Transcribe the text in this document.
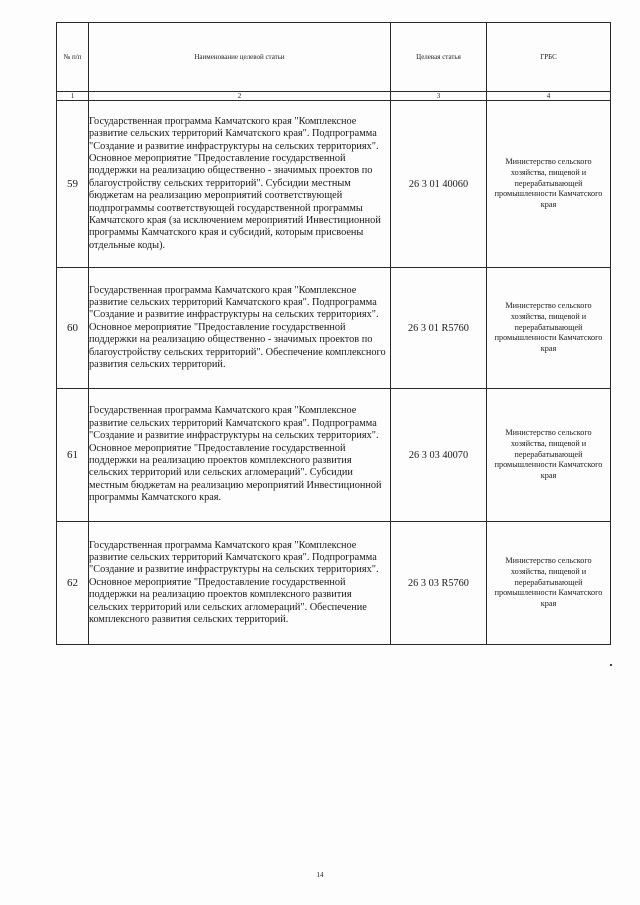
№ п/п	Наименование целевой статьи	Целевая статья	ГРБС
1	2	3	4
59	Государственная программа Камчатского края "Комплексное развитие сельских территорий Камчатского края". Подпрограмма "Создание и развитие инфраструктуры на сельских территориях". Основное мероприятие "Предоставление государственной поддержки на реализацию общественно - значимых проектов по благоустройству сельских территорий". Субсидии местным бюджетам на реализацию мероприятий соответствующей подпрограммы соответствующей государственной программы Камчатского края (за исключением мероприятий Инвестиционной программы Камчатского края и субсидий, которым присвоены отдельные коды).	26 3 01 40060	Министерство сельского хозяйства, пищевой и перерабатывающей промышленности Камчатского края
60	Государственная программа Камчатского края "Комплексное развитие сельских территорий Камчатского края". Подпрограмма "Создание и развитие инфраструктуры на сельских территориях". Основное мероприятие "Предоставление государственной поддержки на реализацию общественно - значимых проектов по благоустройству сельских территорий". Обеспечение комплексного развития сельских территорий.	26 3 01 R5760	Министерство сельского хозяйства, пищевой и перерабатывающей промышленности Камчатского края
61	Государственная программа Камчатского края "Комплексное развитие сельских территорий Камчатского края". Подпрограмма "Создание и развитие инфраструктуры на сельских территориях". Основное мероприятие "Предоставление государственной поддержки на реализацию проектов комплексного развития сельских территорий или сельских агломераций". Субсидии местным бюджетам на реализацию мероприятий Инвестиционной программы Камчатского края.	26 3 03 40070	Министерство сельского хозяйства, пищевой и перерабатывающей промышленности Камчатского края
62	Государственная программа Камчатского края "Комплексное развитие сельских территорий Камчатского края". Подпрограмма "Создание и развитие инфраструктуры на сельских территориях". Основное мероприятие "Предоставление государственной поддержки на реализацию проектов комплексного развития сельских территорий или сельских агломераций". Обеспечение комплексного развития сельских территорий.	26 3 03 R5760	Министерство сельского хозяйства, пищевой и перерабатывающей промышленности Камчатского края
14
